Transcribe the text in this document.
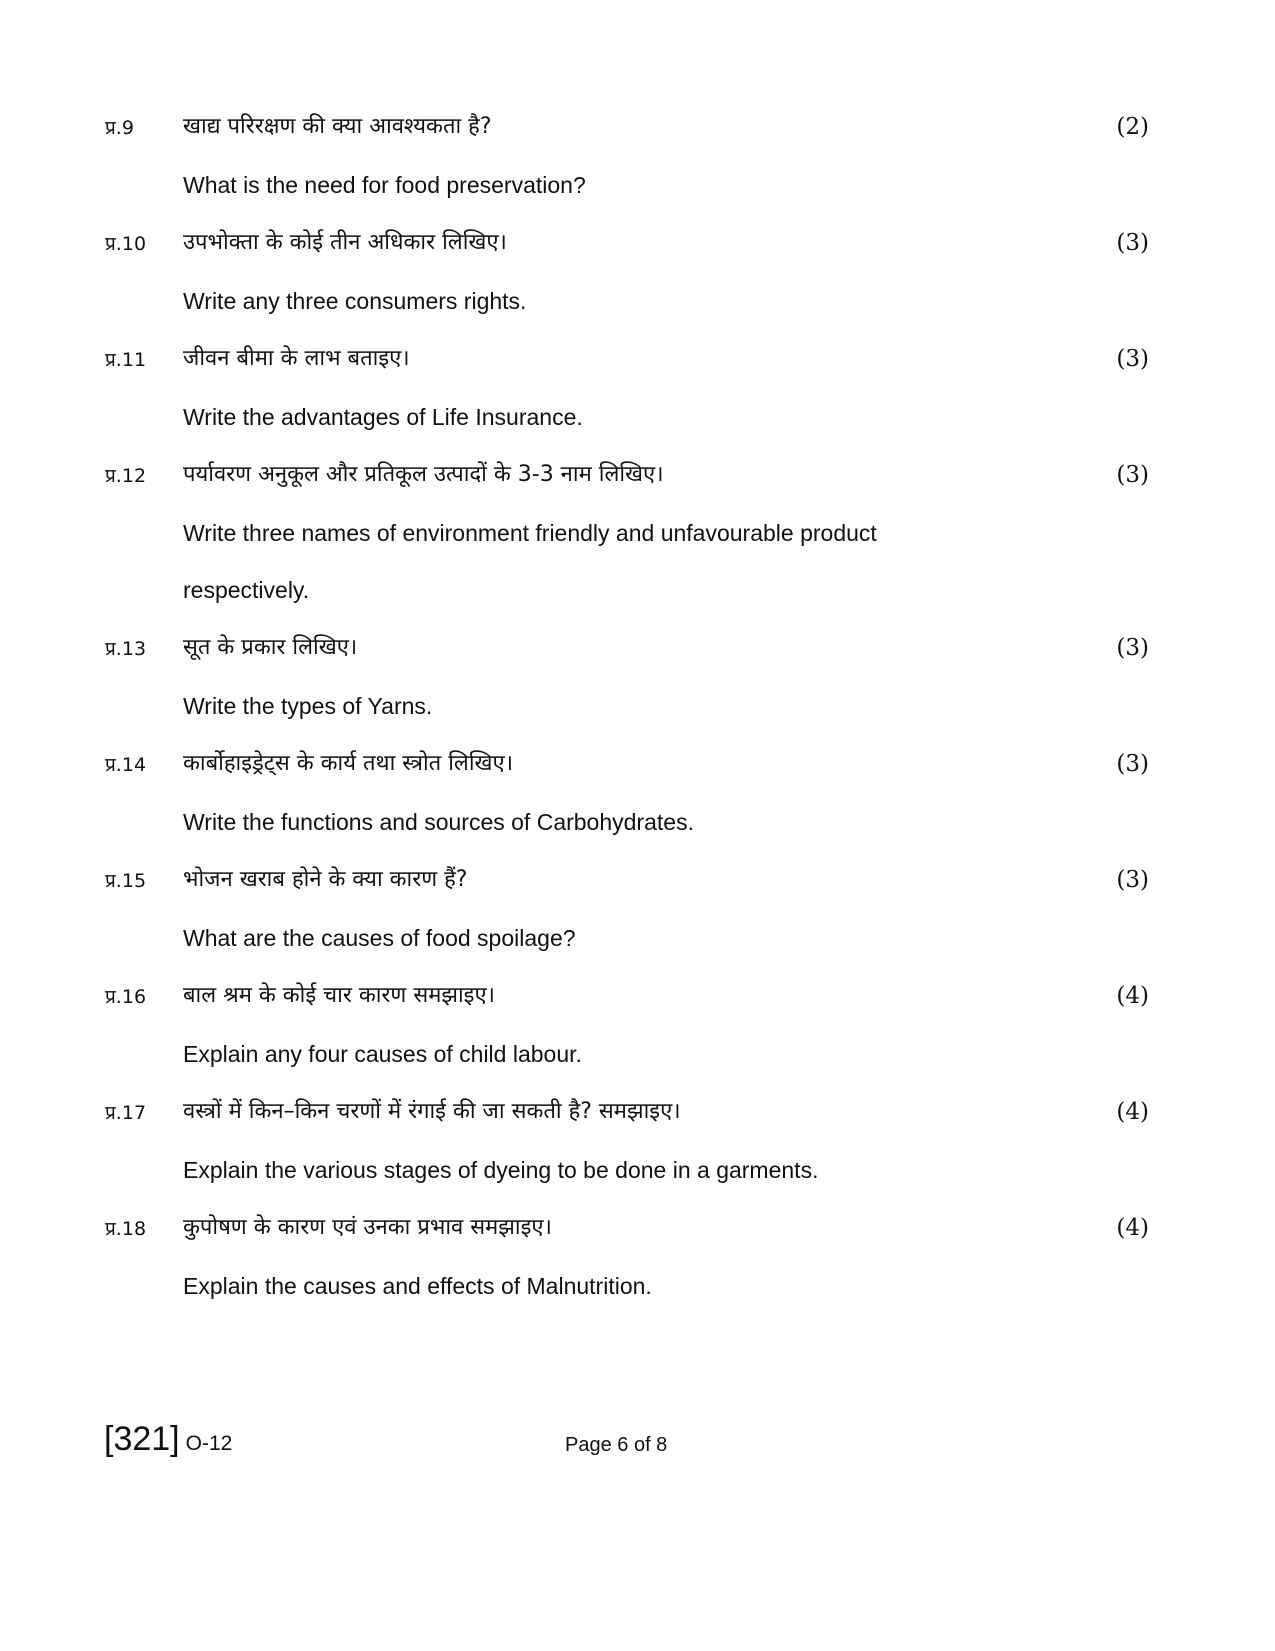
प्र.9 खाद्य परिरक्षण की क्या आवश्यकता है?	(2)
What is the need for food preservation?
प्र.10 उपभोक्ता के कोई तीन अधिकार लिखिए।	(3)
Write any three consumers rights.
प्र.11 जीवन बीमा के लाभ बताइए।	(3)
Write the advantages of Life Insurance.
प्र.12 पर्यावरण अनुकूल और प्रतिकूल उत्पादों के 3-3 नाम लिखिए।	(3)
Write three names of environment friendly and unfavourable product respectively.
प्र.13 सूत के प्रकार लिखिए।	(3)
Write the types of Yarns.
प्र.14 कार्बोहाइड्रेट्स के कार्य तथा स्त्रोत लिखिए।	(3)
Write the functions and sources of Carbohydrates.
प्र.15 भोजन खराब होने के क्या कारण हैं?	(3)
What are the causes of food spoilage?
प्र.16 बाल श्रम के कोई चार कारण समझाइए।	(4)
Explain any four causes of child labour.
प्र.17 वस्त्रों में किन–किन चरणों में रंगाई की जा सकती है? समझाइए।	(4)
Explain the various stages of dyeing to be done in a garments.
प्र.18 कुपोषण के कारण एवं उनका प्रभाव समझाइए।	(4)
Explain the causes and effects of Malnutrition.
[321] O-12	Page 6 of 8
